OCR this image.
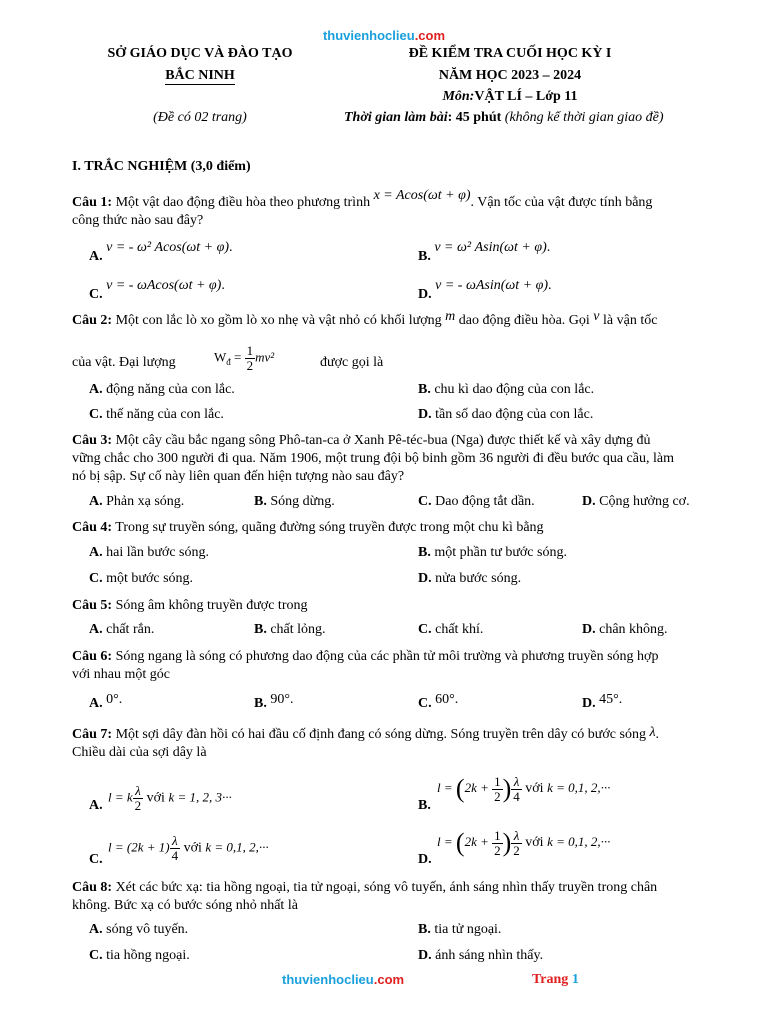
thuvienhoclieu.com
SỞ GIÁO DỤC VÀ ĐÀO TẠO
BẮC NINH
(Đề có 02 trang)
ĐỀ KIỂM TRA CUỐI HỌC KỲ I
NĂM HỌC 2023 – 2024
Môn:VẬT LÍ – Lớp 11
Thời gian làm bài: 45 phút (không kể thời gian giao đề)
I. TRẮC NGHIỆM (3,0 điểm)
Câu 1: Một vật dao động điều hòa theo phương trình x = Acos(ωt + φ). Vận tốc của vật được tính bằng
công thức nào sau đây?
A. v = - ω² Acos(ωt + φ).
B. v = ω² Asin(ωt + φ).
C. v = - ωAcos(ωt + φ).
D. v = - ωAsin(ωt + φ).
Câu 2: Một con lắc lò xo gồm lò xo nhẹ và vật nhỏ có khối lượng m dao động điều hòa. Gọi v là vận tốc
của vật. Đại lượng	$W_đ = \frac{1}{2} mv^2$	được gọi là
A. động năng của con lắc.	B. chu kì dao động của con lắc.
C. thế năng của con lắc.	D. tần số dao động của con lắc.
Câu 3: Một cây cầu bắc ngang sông Phô-tan-ca ở Xanh Pê-téc-bua (Nga) được thiết kế và xây dựng đủ
vững chắc cho 300 người đi qua. Năm 1906, một trung đội bộ binh gồm 36 người đi đều bước qua cầu, làm
nó bị sập. Sự cố này liên quan đến hiện tượng nào sau đây?
A. Phản xạ sóng.	B. Sóng dừng.	C. Dao động tắt dần.	D. Cộng hưởng cơ.
Câu 4: Trong sự truyền sóng, quãng đường sóng truyền được trong một chu kì bằng
A. hai lần bước sóng.	B. một phần tư bước sóng.
C. một bước sóng.	D. nửa bước sóng.
Câu 5: Sóng âm không truyền được trong
A. chất rắn.	B. chất lỏng.	C. chất khí.	D. chân không.
Câu 6: Sóng ngang là sóng có phương dao động của các phần tử môi trường và phương truyền sóng hợp
với nhau một góc
A. 0°.	B. 90°.	C. 60°.	D. 45°.
Câu 7: Một sợi dây đàn hồi có hai đầu cố định đang có sóng dừng. Sóng truyền trên dây có bước sóng λ.
Chiều dài của sợi dây là
A.
l = k $\frac{\lambda}{2}$ với k = 1, 2, 3···
B.
$l = (2k + \frac{1}{2}$ ) $\frac{\lambda}{4}$ với k = 0,1, 2,···
C.
$l = (2k + 1) \frac{\lambda}{4}$ với k = 0,1, 2,···
D.
$l = (2k + \frac{1}{2}$ ) $\frac{\lambda}{2}$ với k = 0,1, 2,···
Câu 8: Xét các bức xạ: tia hồng ngoại, tia tử ngoại, sóng vô tuyến, ánh sáng nhìn thấy truyền trong chân
không. Bức xạ có bước sóng nhỏ nhất là
A. sóng vô tuyến.	B. tia tử ngoại.
C. tia hồng ngoại.	D. ánh sáng nhìn thấy.
thuvienhoclieu.com	Trang 1
